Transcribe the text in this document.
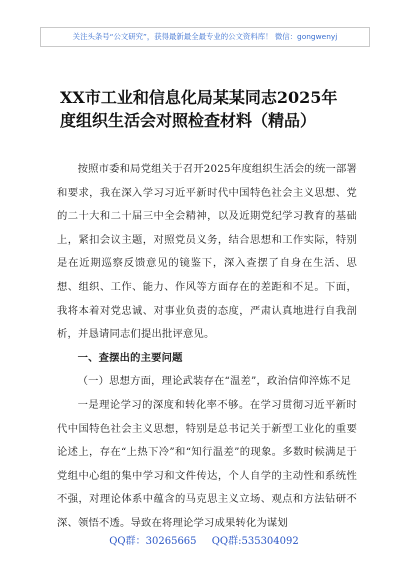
关注头条号“公文研究”，获得最新最全最专业的公文资料库！ 微信：gongwenyj
XX市工业和信息化局某某同志2025年
度组织生活会对照检查材料（精品）

按照市委和局党组关于召开2025年度组织生活会的统一部署和要求，我在深入学习习近平新时代中国特色社会主义思想、党的二十大和二十届三中全会精神，以及近期党纪学习教育的基础上，紧扣会议主题，对照党员义务，结合思想和工作实际，特别是在近期巡察反馈意见的镜鉴下，深入查摆了自身在生活、思想、组织、工作、能力、作风等方面存在的差距和不足。下面，我将本着对党忠诚、对事业负责的态度，严肃认真地进行自我剖析，并恳请同志们提出批评意见。

一、查摆出的主要问题

（一）思想方面，理论武装存在“温差”，政治信仰淬炼不足

一是理论学习的深度和转化率不够。在学习贯彻习近平新时代中国特色社会主义思想，特别是总书记关于新型工业化的重要论述上，存在“上热下冷”和“知行温差”的现象。多数时候满足于党组中心组的集中学习和文件传达，个人自学的主动性和系统性不强，对理论体系中蕴含的马克思主义立场、观点和方法钻研不深、领悟不透。导致在将理论学习成果转化为谋划

QQ群：30265665 QQ群:535304092
